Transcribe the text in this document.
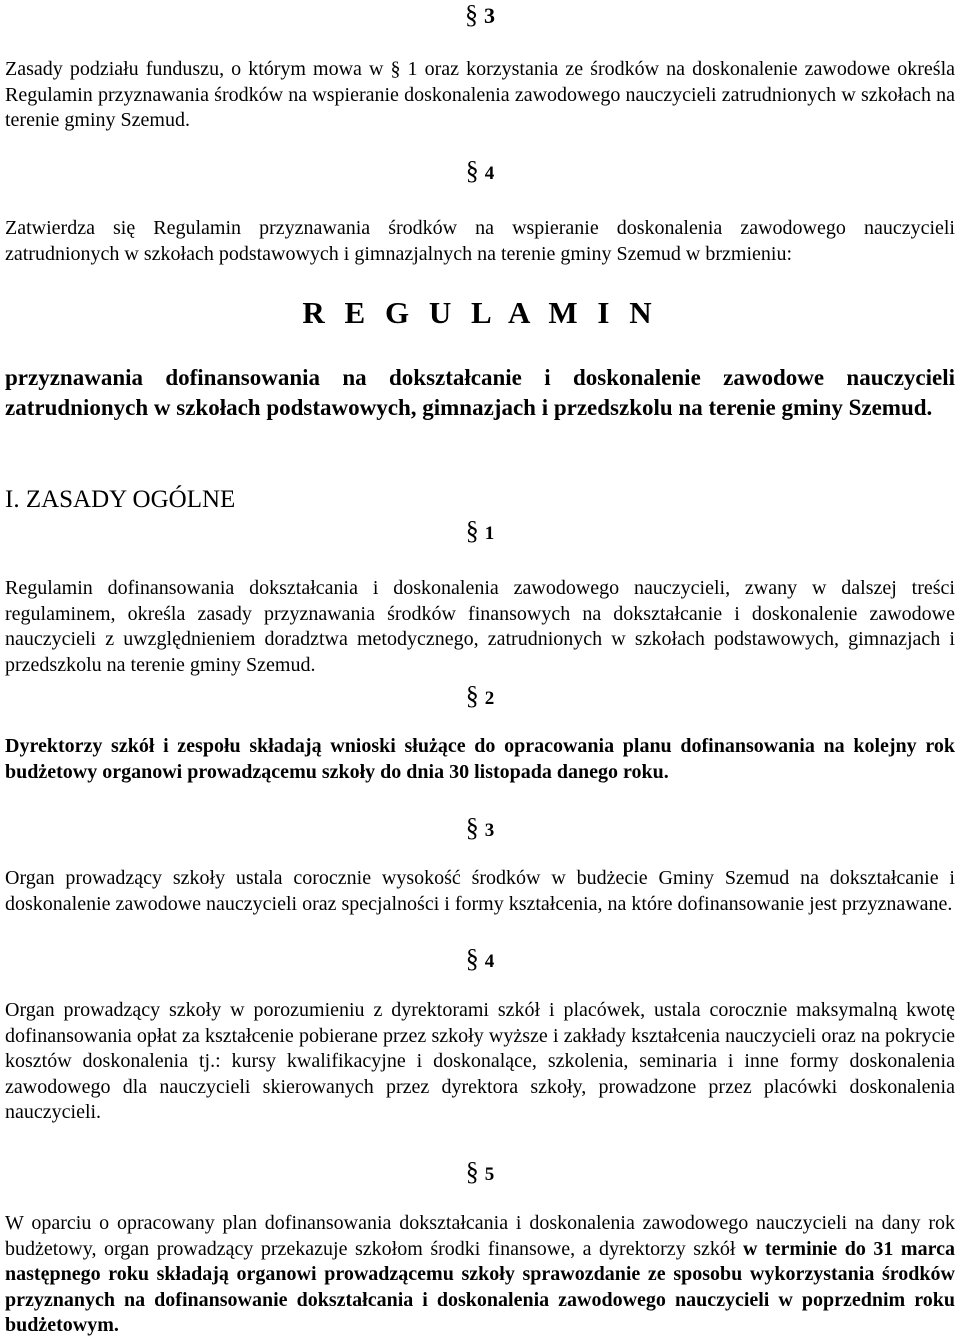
§ 3
Zasady podziału funduszu, o którym mowa w § 1 oraz korzystania ze środków na doskonalenie zawodowe określa Regulamin przyznawania środków na wspieranie doskonalenia zawodowego nauczycieli zatrudnionych w szkołach na terenie gminy Szemud.
§ 4
Zatwierdza się Regulamin przyznawania środków na wspieranie doskonalenia zawodowego nauczycieli zatrudnionych w szkołach podstawowych i gimnazjalnych na terenie gminy Szemud w brzmieniu:
R E G U L A M I N
przyznawania dofinansowania na dokształcanie i doskonalenie zawodowe nauczycieli zatrudnionych w szkołach podstawowych, gimnazjach i przedszkolu na terenie gminy Szemud.
I. ZASADY OGÓLNE
§ 1
Regulamin dofinansowania dokształcania i doskonalenia zawodowego nauczycieli, zwany w dalszej treści regulaminem, określa zasady przyznawania środków finansowych na dokształcanie i doskonalenie zawodowe nauczycieli z uwzględnieniem doradztwa metodycznego, zatrudnionych w szkołach podstawowych, gimnazjach i przedszkolu na terenie gminy Szemud.
§ 2
Dyrektorzy szkół i zespołu składają wnioski służące do opracowania planu dofinansowania na kolejny rok budżetowy organowi prowadzącemu szkoły do dnia 30 listopada danego roku.
§ 3
Organ prowadzący szkoły ustala corocznie wysokość środków w budżecie Gminy Szemud na dokształcanie i doskonalenie zawodowe nauczycieli oraz specjalności i formy kształcenia, na które dofinansowanie jest przyznawane.
§ 4
Organ prowadzący szkoły w porozumieniu z dyrektorami szkół i placówek, ustala corocznie maksymalną kwotę dofinansowania opłat za kształcenie pobierane przez szkoły wyższe i zakłady kształcenia nauczycieli oraz na pokrycie kosztów doskonalenia tj.: kursy kwalifikacyjne i doskonalące, szkolenia, seminaria i inne formy doskonalenia zawodowego dla nauczycieli skierowanych przez dyrektora szkoły, prowadzone przez placówki doskonalenia nauczycieli.
§ 5
W oparciu o opracowany plan dofinansowania dokształcania i doskonalenia zawodowego nauczycieli na dany rok budżetowy, organ prowadzący przekazuje szkołom środki finansowe, a dyrektorzy szkół w terminie do 31 marca następnego roku składają organowi prowadzącemu szkoły sprawozdanie ze sposobu wykorzystania środków przyznanych na dofinansowanie dokształcania i doskonalenia zawodowego nauczycieli w poprzednim roku budżetowym.
